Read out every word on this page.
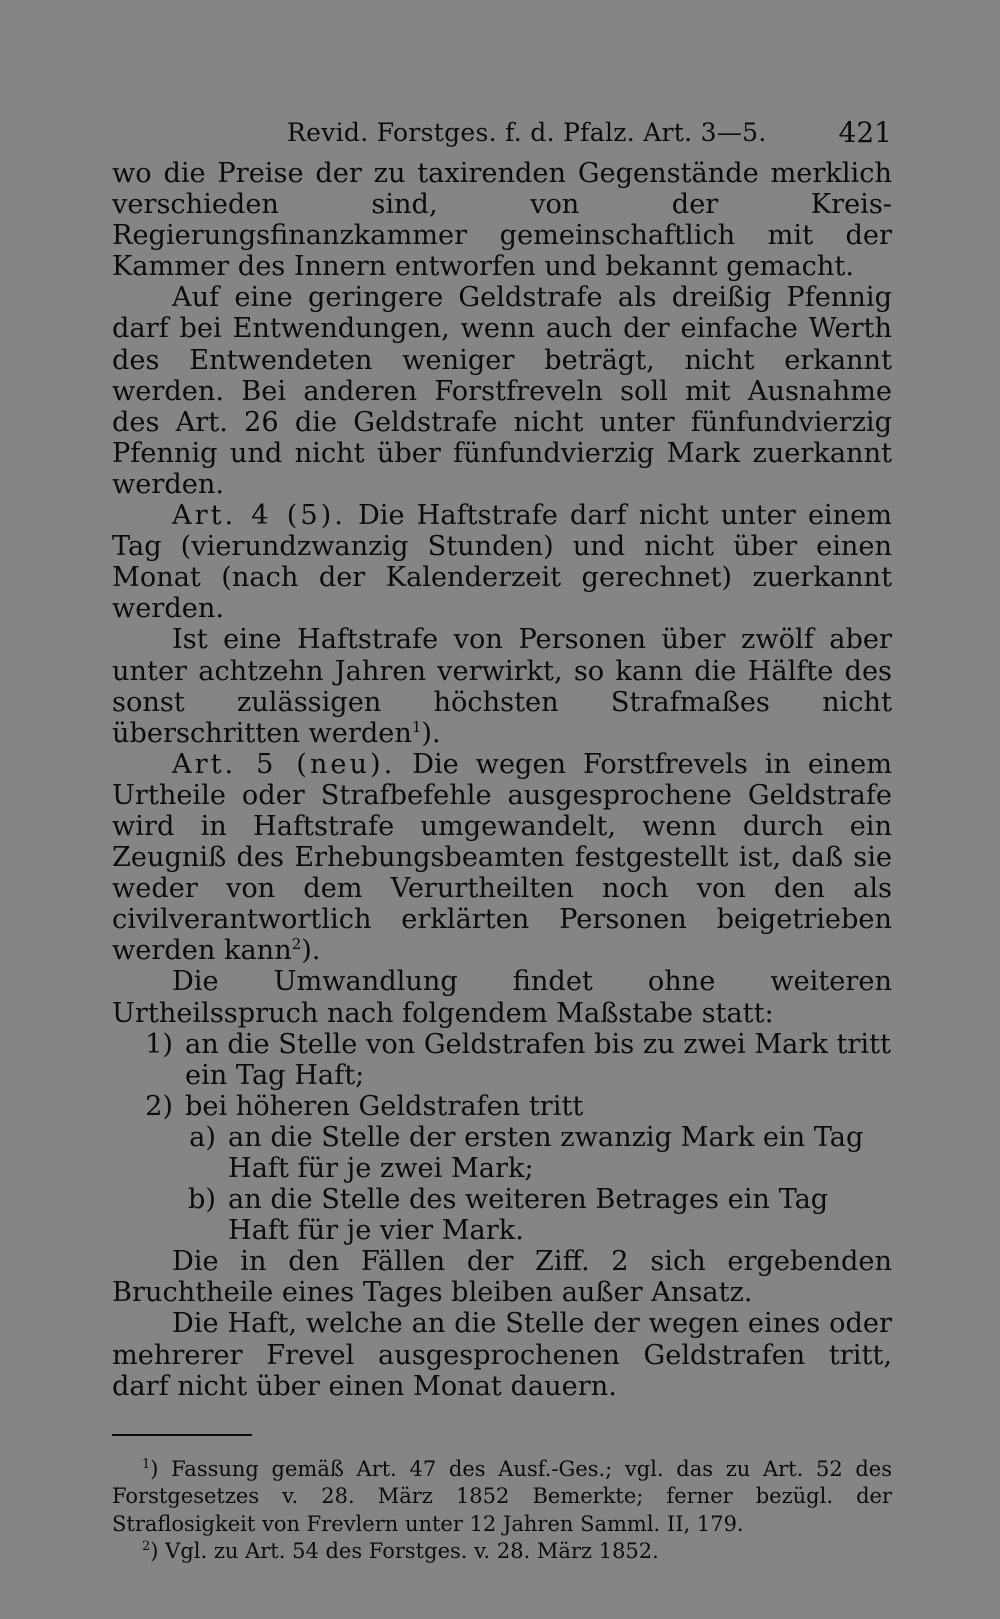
Revid. Forstges. f. d. Pfalz. Art. 3—5.	421

wo die Preise der zu taxirenden Gegenstände merklich verschieden sind, von der Kreis-Regierungsfinanzkammer gemeinschaftlich mit der Kammer des Innern entworfen und bekannt gemacht.

Auf eine geringere Geldstrafe als dreißig Pfennig darf bei Entwendungen, wenn auch der einfache Werth des Entwendeten weniger beträgt, nicht erkannt werden. Bei anderen Forstfreveln soll mit Ausnahme des Art. 26 die Geldstrafe nicht unter fünfundvierzig Pfennig und nicht über fünfundvierzig Mark zuerkannt werden.

Art. 4 (5). Die Haftstrafe darf nicht unter einem Tag (vierundzwanzig Stunden) und nicht über einen Monat (nach der Kalenderzeit gerechnet) zuerkannt werden.

Ist eine Haftstrafe von Personen über zwölf aber unter achtzehn Jahren verwirkt, so kann die Hälfte des sonst zulässigen höchsten Strafmaßes nicht überschritten werden$^1$).

Art. 5 (neu). Die wegen Forstfrevels in einem Urtheile oder Strafbefehle ausgesprochene Geldstrafe wird in Haftstrafe umgewandelt, wenn durch ein Zeugniß des Erhebungsbeamten festgestellt ist, daß sie weder von dem Verurtheilten noch von den als civilverantwortlich erklärten Personen beigetrieben werden kann$^2$).

Die Umwandlung findet ohne weiteren Urtheilsspruch nach folgendem Maßstabe statt:

1) an die Stelle von Geldstrafen bis zu zwei Mark tritt ein Tag Haft;
2) bei höheren Geldstrafen tritt
a) an die Stelle der ersten zwanzig Mark ein Tag Haft für je zwei Mark;
b) an die Stelle des weiteren Betrages ein Tag Haft für je vier Mark.

Die in den Fällen der Ziff. 2 sich ergebenden Bruchtheile eines Tages bleiben außer Ansatz.

Die Haft, welche an die Stelle der wegen eines oder mehrerer Frevel ausgesprochenen Geldstrafen tritt, darf nicht über einen Monat dauern.

$^1$) Fassung gemäß Art. 47 des Ausf.-Ges.; vgl. das zu Art. 52 des Forstgesetzes v. 28. März 1852 Bemerkte; ferner bezügl. der Straflosigkeit von Frevlern unter 12 Jahren Samml. II, 179.

$^2$) Vgl. zu Art. 54 des Forstges. v. 28. März 1852.
